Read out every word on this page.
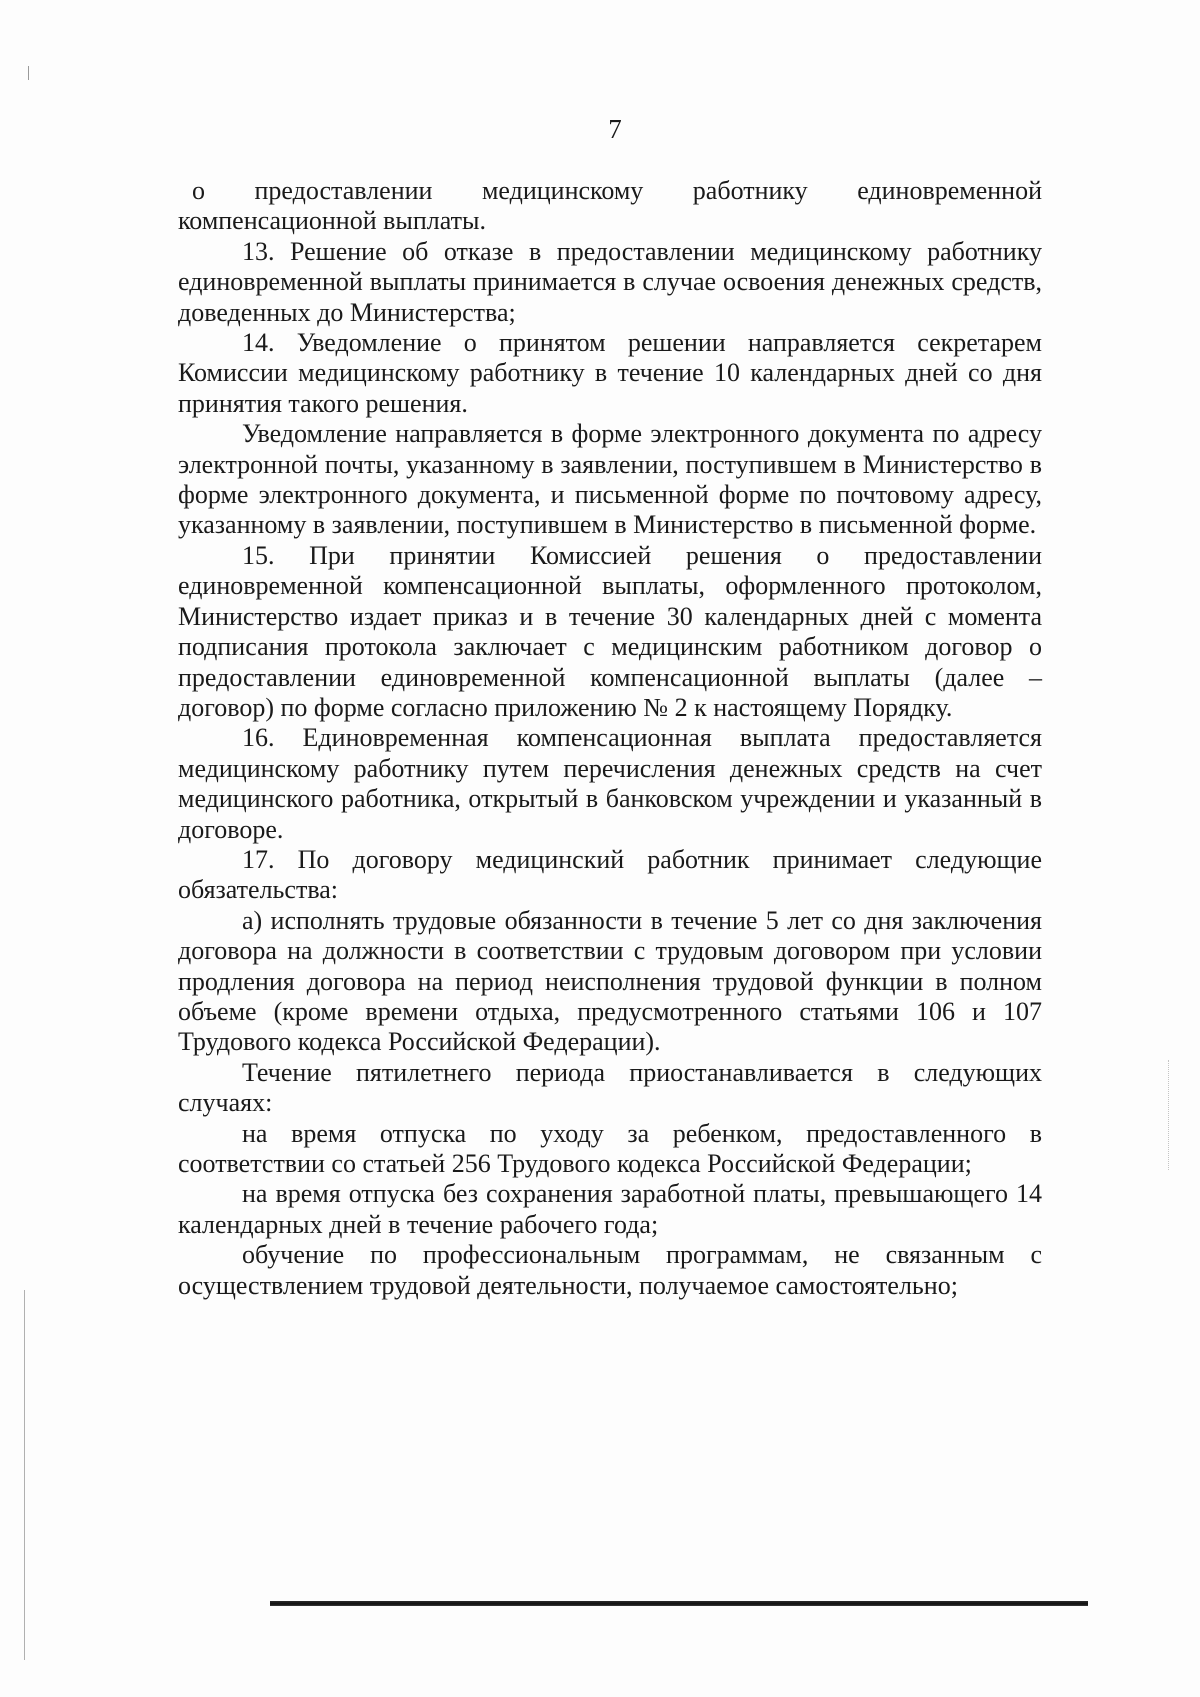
7

о предоставлении медицинскому работнику единовременной компенсационной выплаты.

13. Решение об отказе в предоставлении медицинскому работнику единовременной выплаты принимается в случае освоения денежных средств, доведенных до Министерства;

14. Уведомление о принятом решении направляется секретарем Комиссии медицинскому работнику в течение 10 календарных дней со дня принятия такого решения.

Уведомление направляется в форме электронного документа по адресу электронной почты, указанному в заявлении, поступившем в Министерство в форме электронного документа, и письменной форме по почтовому адресу, указанному в заявлении, поступившем в Министерство в письменной форме.

15. При принятии Комиссией решения о предоставлении единовременной компенсационной выплаты, оформленного протоколом, Министерство издает приказ и в течение 30 календарных дней с момента подписания протокола заключает с медицинским работником договор о предоставлении единовременной компенсационной выплаты (далее – договор) по форме согласно приложению № 2 к настоящему Порядку.

16. Единовременная компенсационная выплата предоставляется медицинскому работнику путем перечисления денежных средств на счет медицинского работника, открытый в банковском учреждении и указанный в договоре.

17. По договору медицинский работник принимает следующие обязательства:

а) исполнять трудовые обязанности в течение 5 лет со дня заключения договора на должности в соответствии с трудовым договором при условии продления договора на период неисполнения трудовой функции в полном объеме (кроме времени отдыха, предусмотренного статьями 106 и 107 Трудового кодекса Российской Федерации).

Течение пятилетнего периода приостанавливается в следующих случаях:

на время отпуска по уходу за ребенком, предоставленного в соответствии со статьей 256 Трудового кодекса Российской Федерации;

на время отпуска без сохранения заработной платы, превышающего 14 календарных дней в течение рабочего года;

обучение по профессиональным программам, не связанным с осуществлением трудовой деятельности, получаемое самостоятельно;
